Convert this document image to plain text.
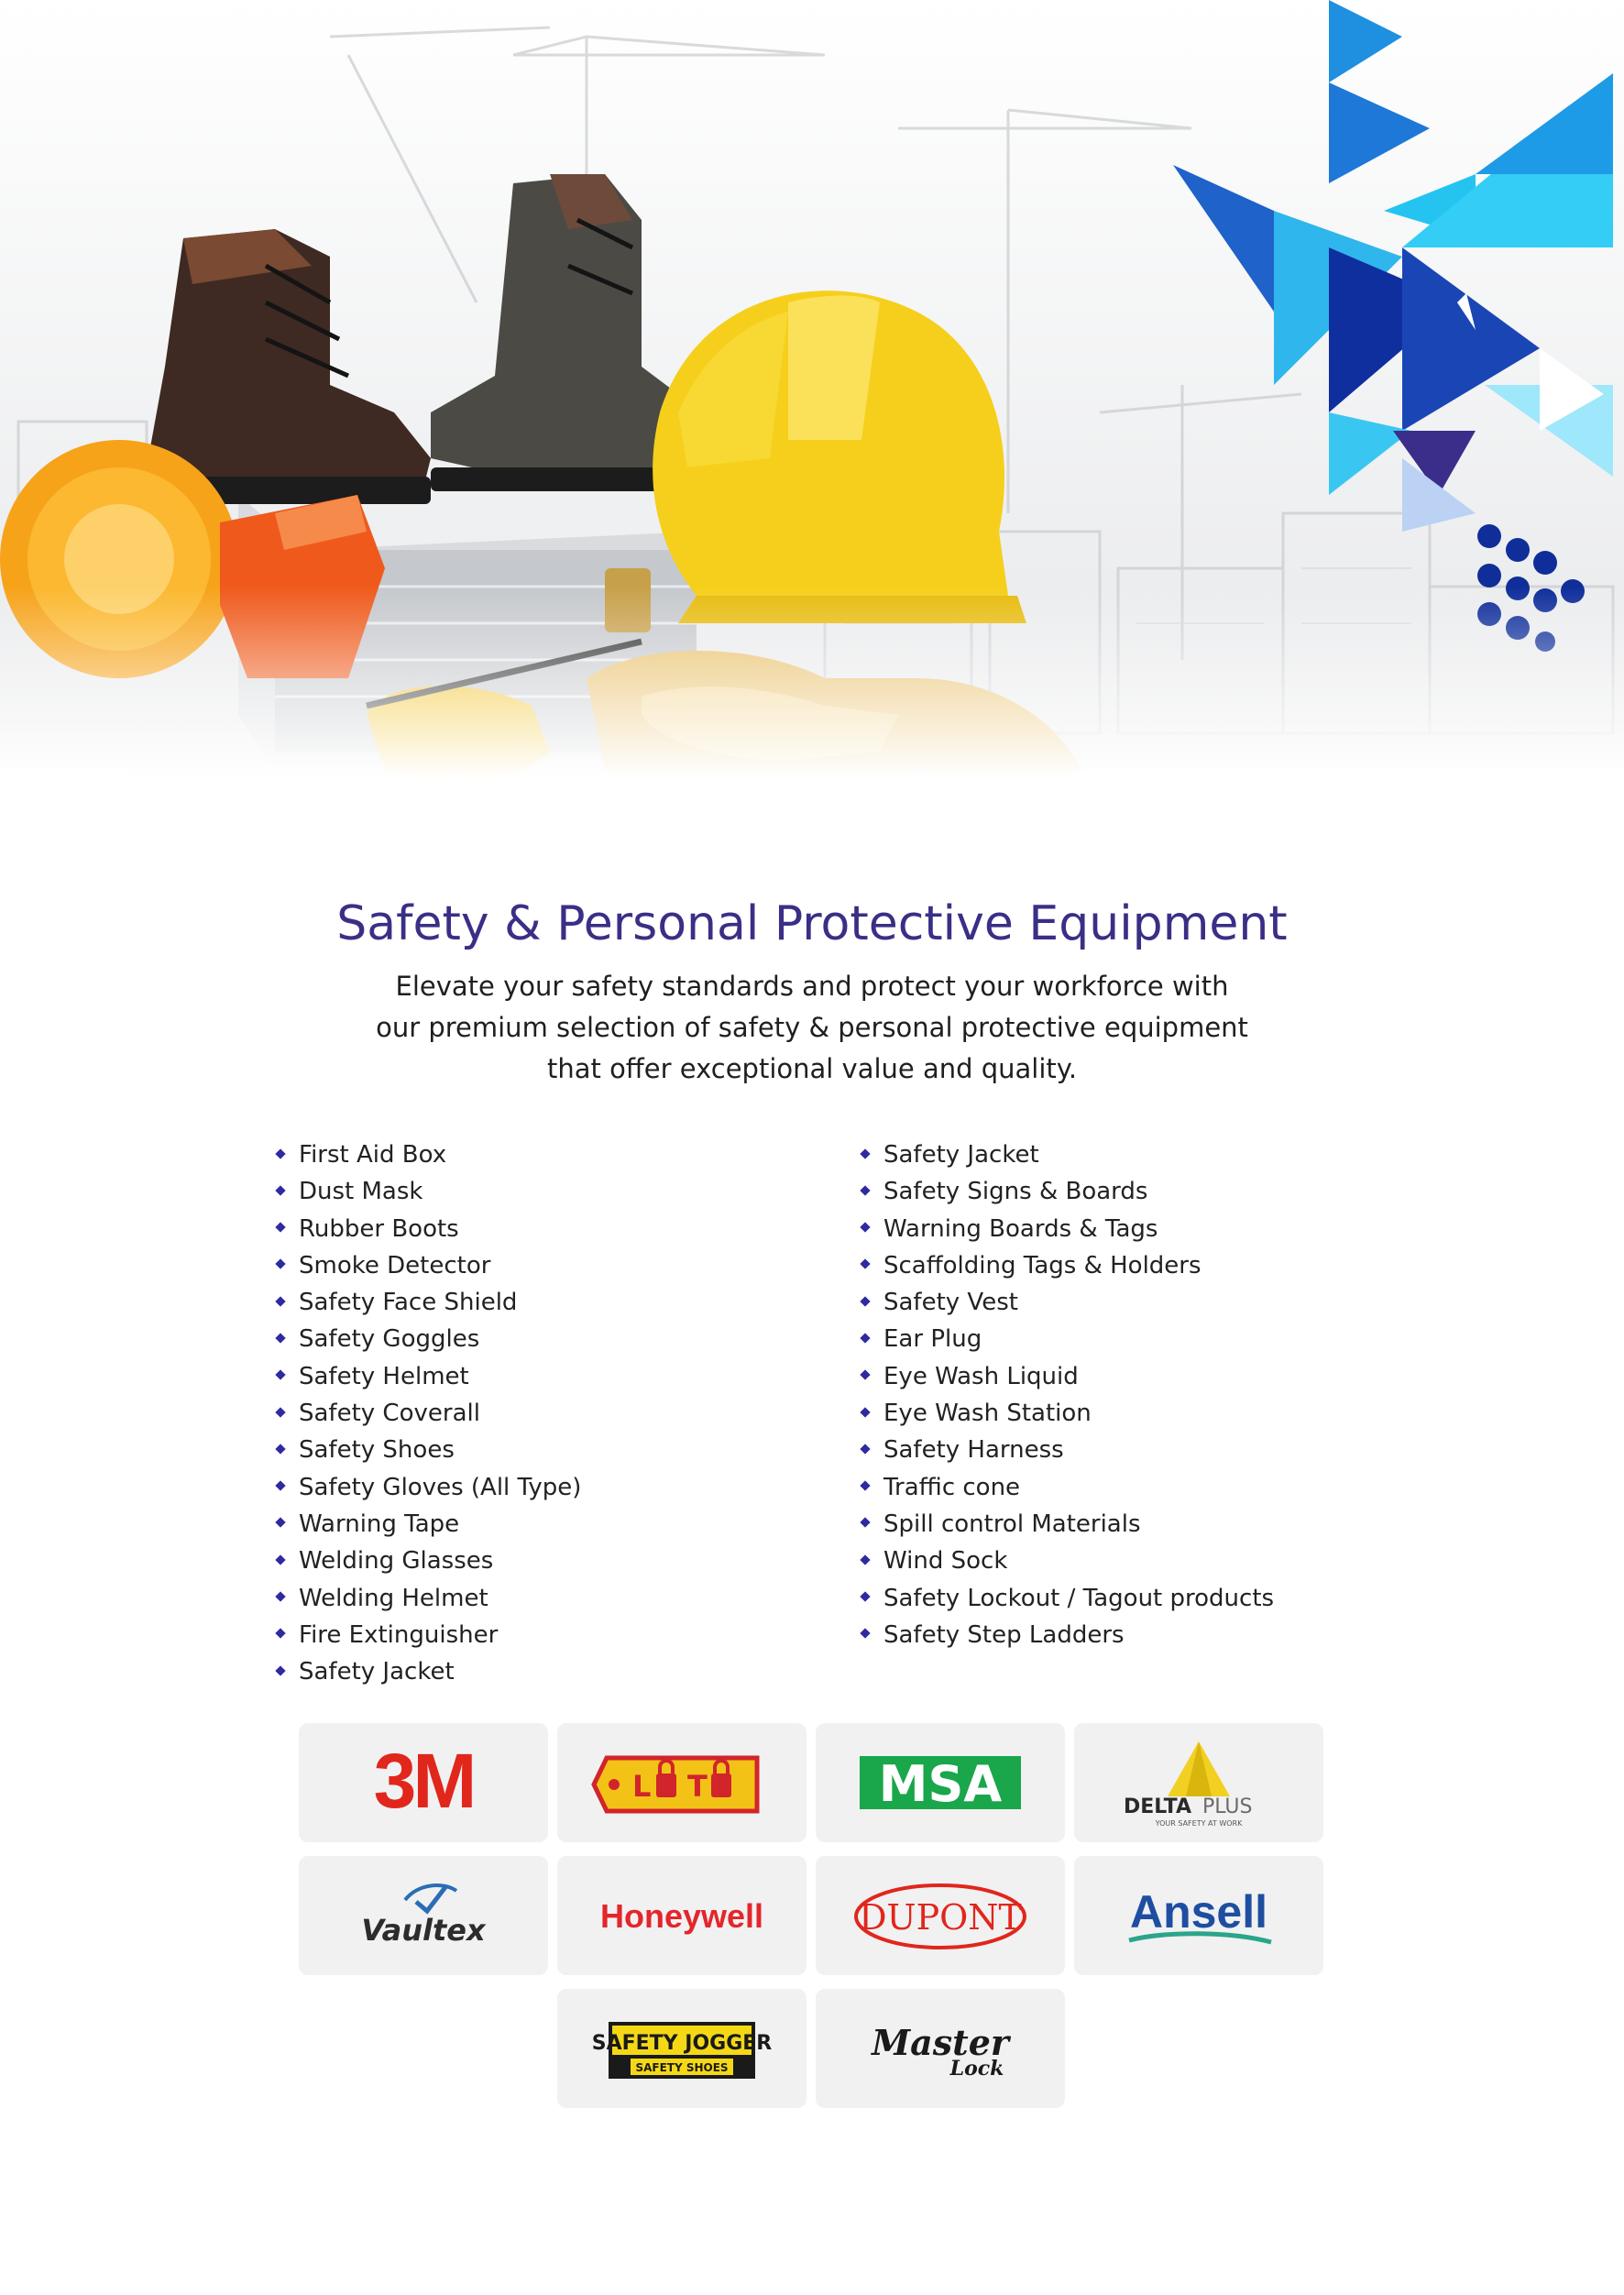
Safety & Personal Protective Equipment
Elevate your safety standards and protect your workforce with
our premium selection of safety & personal protective equipment
that offer exceptional value and quality.
First Aid Box
Dust Mask
Rubber Boots
Smoke Detector
Safety Face Shield
Safety Goggles
Safety Helmet
Safety Coverall
Safety Shoes
Safety Gloves (All Type)
Warning Tape
Welding Glasses
Welding Helmet
Fire Extinguisher
Safety Jacket
Safety Jacket
Safety Signs & Boards
Warning Boards & Tags
Scaffolding Tags & Holders
Safety Vest
Ear Plug
Eye Wash Liquid
Eye Wash Station
Safety Harness
Traffic cone
Spill control Materials
Wind Sock
Safety Lockout / Tagout products
Safety Step Ladders
3M	L T	MSA	DELTA PLUS
YOUR SAFETY AT WORK
Vaultex	Honeywell	DUPONT Ansell
SAFETY JOGGER
SAFETY SHOES
Master
Lock
